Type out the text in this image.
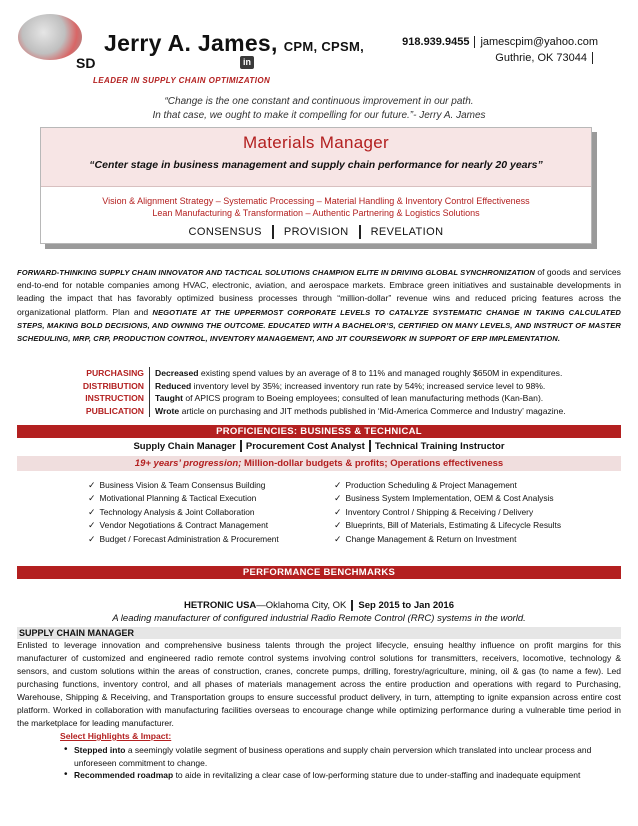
SD
Jerry A. James, CPM, CPSM,
in
918.939.9455 jamescpim@yahoo.com
Guthrie, OK 73044
LEADER IN SUPPLY CHAIN OPTIMIZATION
“Change is the one constant and continuous improvement in our path.
In that case, we ought to make it compelling for our future.”- Jerry A. James
Materials Manager
“Center stage in business management and supply chain performance for nearly 20 years”
Vision & Alignment Strategy – Systematic Processing – Material Handling & Inventory Control Effectiveness
Lean Manufacturing & Transformation – Authentic Partnering & Logistics Solutions
CONSENSUS PROVISION REVELATION
FORWARD-THINKING SUPPLY CHAIN INNOVATOR AND TACTICAL SOLUTIONS CHAMPION ELITE IN DRIVING GLOBAL SYNCHRONIZATION of goods and services end-to-end for notable companies among HVAC, electronic, aviation, and aerospace markets. Embrace green initiatives and sustainable developments in leading the impact that has favorably optimized business processes through “million-dollar” revenue wins and reduced pricing features across the organizational platform. Plan and NEGOTIATE AT THE UPPERMOST CORPORATE LEVELS TO CATALYZE SYSTEMATIC CHANGE IN TAKING CALCULATED STEPS, MAKING BOLD DECISIONS, AND OWNING THE OUTCOME. EDUCATED WITH A BACHELOR’S, CERTIFIED ON MANY LEVELS, AND INSTRUCT OF MASTER SCHEDULING, MRP, CRP, PRODUCTION CONTROL, INVENTORY MANAGEMENT, AND JIT COURSEWORK IN SUPPORT OF ERP IMPLEMENTATION.
PURCHASING	Decreased existing spend values by an average of 8 to 11% and managed roughly $650M in expenditures.
DISTRIBUTION	Reduced inventory level by 35%; increased inventory run rate by 54%; increased service level to 98%.
INSTRUCTION	Taught of APICS program to Boeing employees; consulted of lean manufacturing methods (Kan-Ban).
PUBLICATION	Wrote article on purchasing and JIT methods published in ‘Mid-America Commerce and Industry’ magazine.
PROFICIENCIES: BUSINESS & TECHNICAL
Supply Chain Manager Procurement Cost Analyst Technical Training Instructor
19+ years’ progression; Million-dollar budgets & profits; Operations effectiveness
✓ Business Vision & Team Consensus Building
✓ Motivational Planning & Tactical Execution
✓ Technology Analysis & Joint Collaboration
✓ Vendor Negotiations & Contract Management
✓ Budget / Forecast Administration & Procurement
✓ Production Scheduling & Project Management
✓ Business System Implementation, OEM & Cost Analysis
✓ Inventory Control / Shipping & Receiving / Delivery
✓ Blueprints, Bill of Materials, Estimating & Lifecycle Results
✓ Change Management & Return on Investment
PERFORMANCE BENCHMARKS
HETRONIC USA—Oklahoma City, OK Sep 2015 to Jan 2016
A leading manufacturer of configured industrial Radio Remote Control (RRC) systems in the world.
SUPPLY CHAIN MANAGER
Enlisted to leverage innovation and comprehensive business talents through the project lifecycle, ensuing healthy influence on profit margins for this manufacturer of customized and engineered radio remote control systems involving control solutions for transmitters, receivers, locomotive, technology & sensors, and custom solutions within the areas of construction, cranes, concrete pumps, drilling, forestry/agriculture, mining, oil & gas (to name a few). Led purchasing functions, inventory control, and all phases of materials management across the entire production and operations with regard to Purchasing, Warehouse, Shipping & Receiving, and Transportation groups to ensure successful product delivery, in turn, attempting to ignite expansion across entire cost platform. Worked in collaboration with manufacturing facilities overseas to encourage change while optimizing performance during a vulnerable time period in the marketplace for leading manufacturer.
Select Highlights & Impact:
• Stepped into a seemingly volatile segment of business operations and supply chain perversion which translated into unclear process and unforeseen commitment to change.
• Recommended roadmap to aide in revitalizing a clear case of low-performing stature due to under-staffing and inadequate equipment
